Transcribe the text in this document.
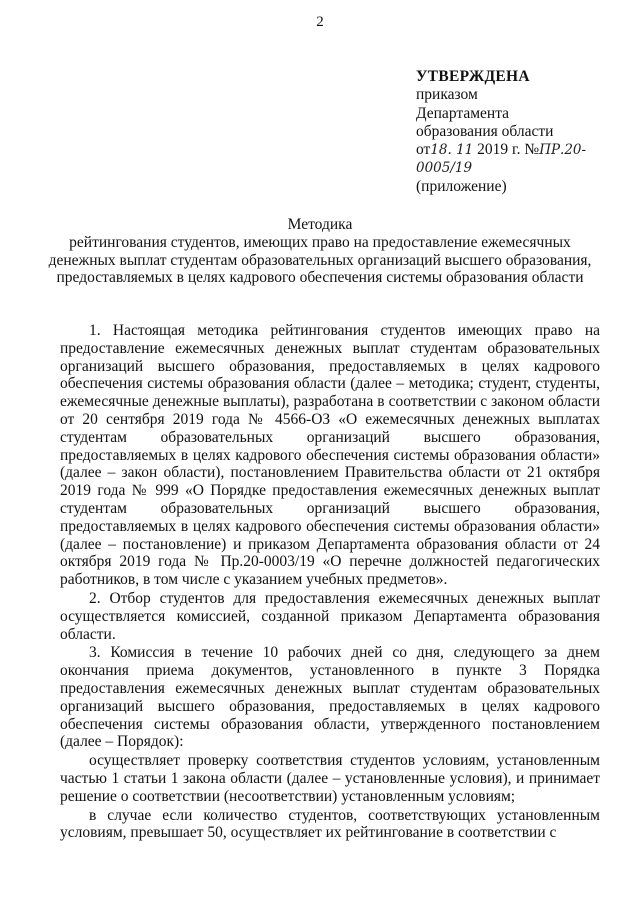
2
УТВЕРЖДЕНА
приказом
Департамента
образования области
от18. 11 2019 г. №ПР.20-0005/19
(приложение)
Методика
рейтингования студентов, имеющих право на предоставление ежемесячных
денежных выплат студентам образовательных организаций высшего образования,
предоставляемых в целях кадрового обеспечения системы образования области

1. Настоящая методика рейтингования студентов имеющих право на предоставление ежемесячных денежных выплат студентам образовательных организаций высшего образования, предоставляемых в целях кадрового обеспечения системы образования области (далее – методика; студент, студенты, ежемесячные денежные выплаты), разработана в соответствии с законом области от 20 сентября 2019 года № 4566-ОЗ «О ежемесячных денежных выплатах студентам образовательных организаций высшего образования, предоставляемых в целях кадрового обеспечения системы образования области» (далее – закон области), постановлением Правительства области от 21 октября 2019 года № 999 «О Порядке предоставления ежемесячных денежных выплат студентам образовательных организаций высшего образования, предоставляемых в целях кадрового обеспечения системы образования области» (далее – постановление) и приказом Департамента образования области от 24 октября 2019 года № Пр.20-0003/19 «О перечне должностей педагогических работников, в том числе с указанием учебных предметов».

2. Отбор студентов для предоставления ежемесячных денежных выплат осуществляется комиссией, созданной приказом Департамента образования области.

3. Комиссия в течение 10 рабочих дней со дня, следующего за днем окончания приема документов, установленного в пункте 3 Порядка предоставления ежемесячных денежных выплат студентам образовательных организаций высшего образования, предоставляемых в целях кадрового обеспечения системы образования области, утвержденного постановлением (далее – Порядок):

осуществляет проверку соответствия студентов условиям, установленным частью 1 статьи 1 закона области (далее – установленные условия), и принимает решение о соответствии (несоответствии) установленным условиям;

в случае если количество студентов, соответствующих установленным условиям, превышает 50, осуществляет их рейтингование в соответствии с
